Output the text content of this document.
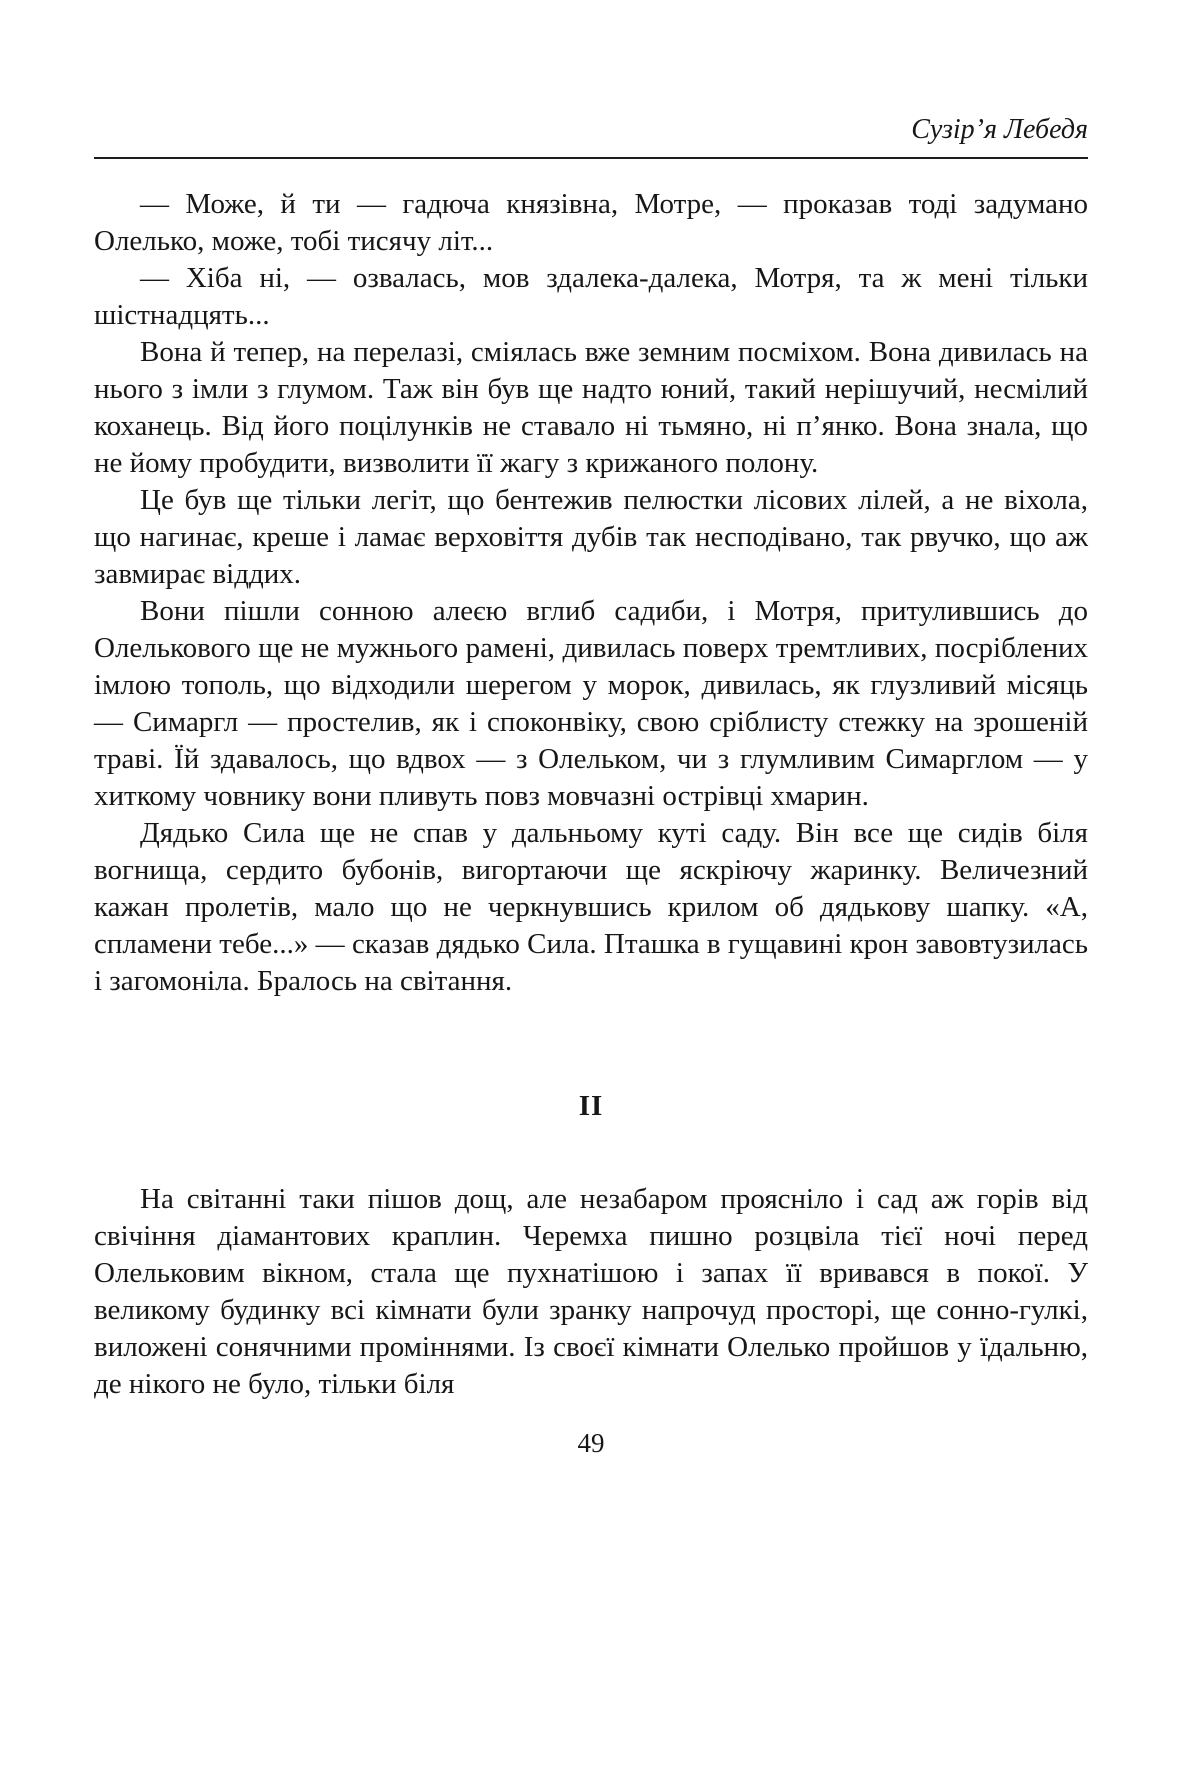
Сузір’я Лебедя

— Може, й ти — гадюча князівна, Мотре, — проказав тоді задумано Олелько, може, тобі тисячу літ...

— Хіба ні, — озвалась, мов здалека-далека, Мотря, та ж мені тільки шістнадцять...

Вона й тепер, на перелазі, сміялась вже земним посміхом. Вона дивилась на нього з імли з глумом. Таж він був ще надто юний, такий нерішучий, несмілий коханець. Від його поцілунків не ставало ні тьмяно, ні п’янко. Вона знала, що не йому пробудити, визволити її жагу з крижаного полону.

Це був ще тільки легіт, що бентежив пелюстки лісових лілей, а не віхола, що нагинає, креше і ламає верховіття дубів так несподівано, так рвучко, що аж завмирає віддих.

Вони пішли сонною алеєю вглиб садиби, і Мотря, притулившись до Олелькового ще не мужнього рамені, дивилась поверх тремтливих, посріблених імлою тополь, що відходили шерегом у морок, дивилась, як глузливий місяць — Симаргл — простелив, як і споконвіку, свою сріблисту стежку на зрошеній траві. Їй здавалось, що вдвох — з Олельком, чи з глумливим Симарглом — у хиткому човнику вони пливуть повз мовчазні острівці хмарин.

Дядько Сила ще не спав у дальньому куті саду. Він все ще сидів біля вогнища, сердито бубонів, вигортаючи ще яскріючу жаринку. Величезний кажан пролетів, мало що не черкнувшись крилом об дядькову шапку. «А, спламени тебе...» — сказав дядько Сила. Пташка в гущавині крон завовтузилась і загомоніла. Бралось на світання.

II

На світанні таки пішов дощ, але незабаром проясніло і сад аж горів від свічіння діамантових краплин. Черемха пишно розцвіла тієї ночі перед Олельковим вікном, стала ще пухнатішою і запах її вривався в покої. У великому будинку всі кімнати були зранку напрочуд просторі, ще сонно-гулкі, виложені сонячними проміннями. Із своєї кімнати Олелько пройшов у їдальню, де нікого не було, тільки біля

49
